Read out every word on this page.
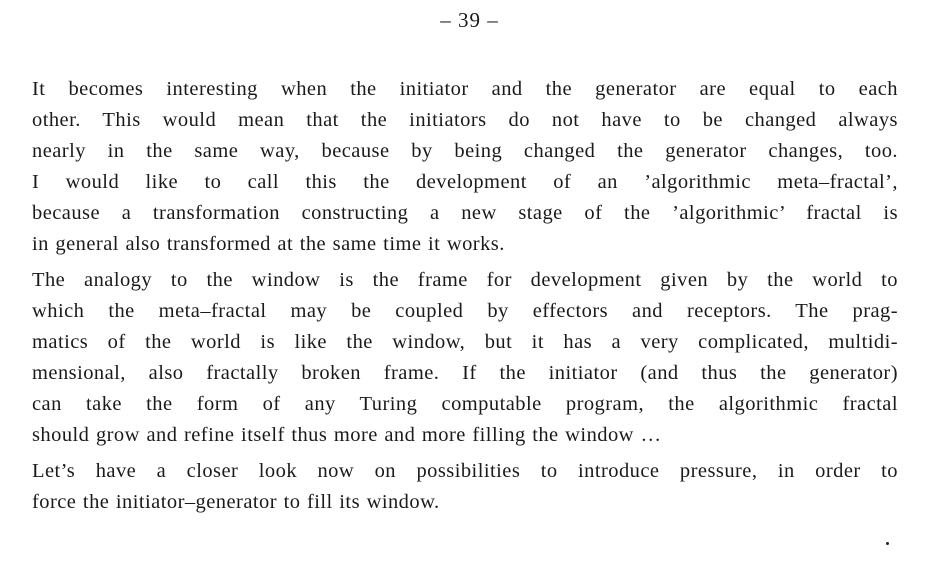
– 39 –

It becomes interesting when the initiator and the generator are equal to each
other. This would mean that the initiators do not have to be changed always
nearly in the same way, because by being changed the generator changes, too.
I would like to call this the development of an ’algorithmic meta–fractal’,
because a transformation constructing a new stage of the ’algorithmic’ fractal is
in general also transformed at the same time it works.

The analogy to the window is the frame for development given by the world to
which the meta–fractal may be coupled by effectors and receptors. The prag-
matics of the world is like the window, but it has a very complicated, multidi-
mensional, also fractally broken frame. If the initiator (and thus the generator)
can take the form of any Turing computable program, the algorithmic fractal
should grow and refine itself thus more and more filling the window …

Let’s have a closer look now on possibilities to introduce pressure, in order to
force the initiator–generator to fill its window.
